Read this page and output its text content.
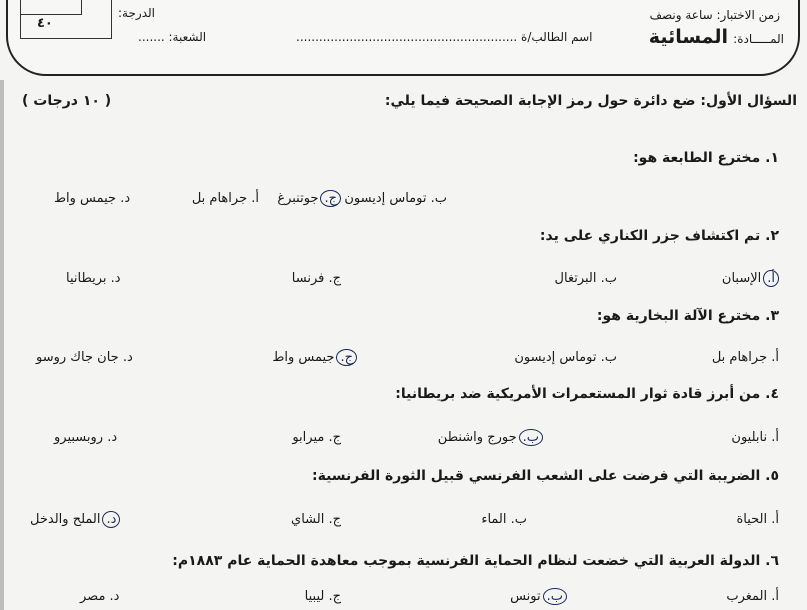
٤٠
الدرجة:
الشعبة: .......	اسم الطالب/ة ..........................................................
زمن الاختبار: ساعة ونصف
المـــــادة: المسائية
السؤال الأول: ضع دائرة حول رمز الإجابة الصحيحة فيما يلي:
( ١٠ درجات )
١. مخترع الطابعة هو:
أ. جراهام بل	ب. توماس إديسون
ج.جوتنبرغ
د. جيمس واط
٢. تم اكتشاف جزر الكناري على يد:
أ.الإسبان
ب. البرتغال
ج. فرنسا
د. بريطانيا
٣. مخترع الآلة البخارية هو:
أ. جراهام بل
ب. توماس إديسون
ج.جيمس واط
د. جان جاك روسو
٤. من أبرز قادة ثوار المستعمرات الأمريكية ضد بريطانيا:
أ. نابليون
ب.جورج واشنطن
ج. ميرابو
د. روبسبيرو
٥. الضريبة التي فرضت على الشعب الفرنسي قبيل الثورة الفرنسية:
أ. الحياة
ب. الماء
ج. الشاي
د.الملح والدخل
٦. الدولة العربية التي خضعت لنظام الحماية الفرنسية بموجب معاهدة الحماية عام ١٨٨٣م:
أ. المغرب
ب.تونس
ج. ليبيا
د. مصر
